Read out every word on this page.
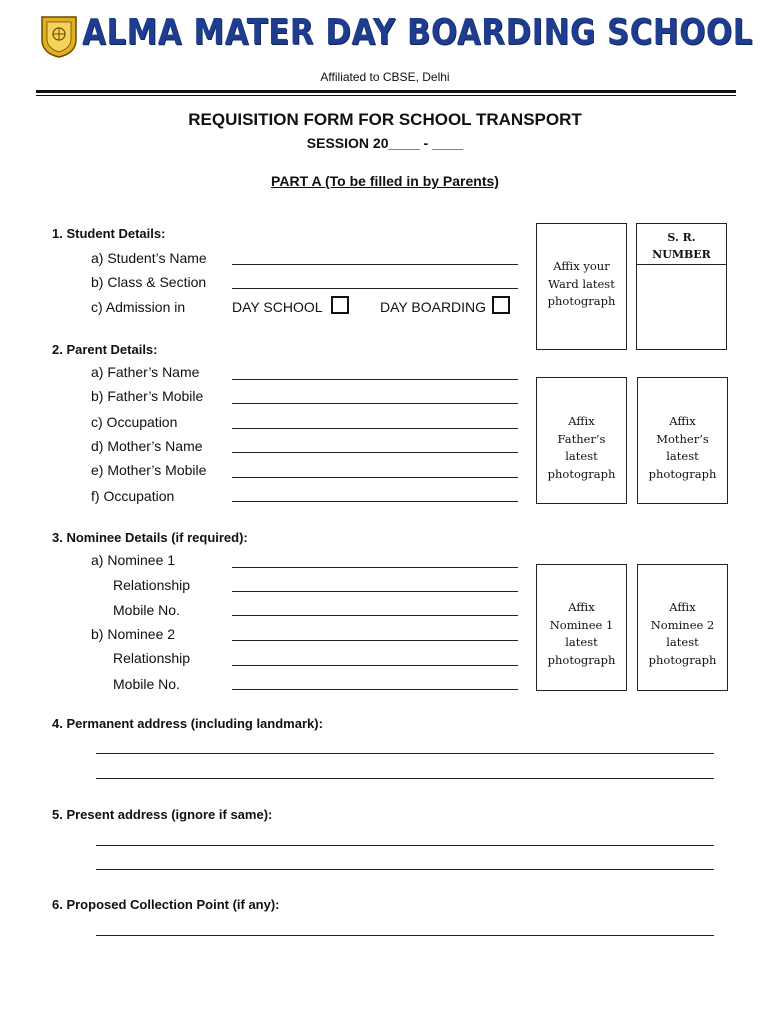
ALMA MATER DAY BOARDING SCHOOL
Affiliated to CBSE, Delhi
REQUISITION FORM FOR SCHOOL TRANSPORT
SESSION 20____ - ____
PART A (To be filled in by Parents)
1. Student Details:
a) Student’s Name
b) Class & Section
c) Admission in	DAY SCHOOL	DAY BOARDING
Affix your
Ward latest
photograph
S. R.
NUMBER
2. Parent Details:
a) Father’s Name
b) Father’s Mobile
c) Occupation
d) Mother’s Name
e) Mother’s Mobile
f) Occupation
Affix
Father’s
latest
photograph
Affix
Mother’s
latest
photograph
3. Nominee Details (if required):
a) Nominee 1
Relationship
Mobile No.
b) Nominee 2
Relationship
Mobile No.
Affix
Nominee 1
latest
photograph
Affix
Nominee 2
latest
photograph
4. Permanent address (including landmark):
5. Present address (ignore if same):
6. Proposed Collection Point (if any):
